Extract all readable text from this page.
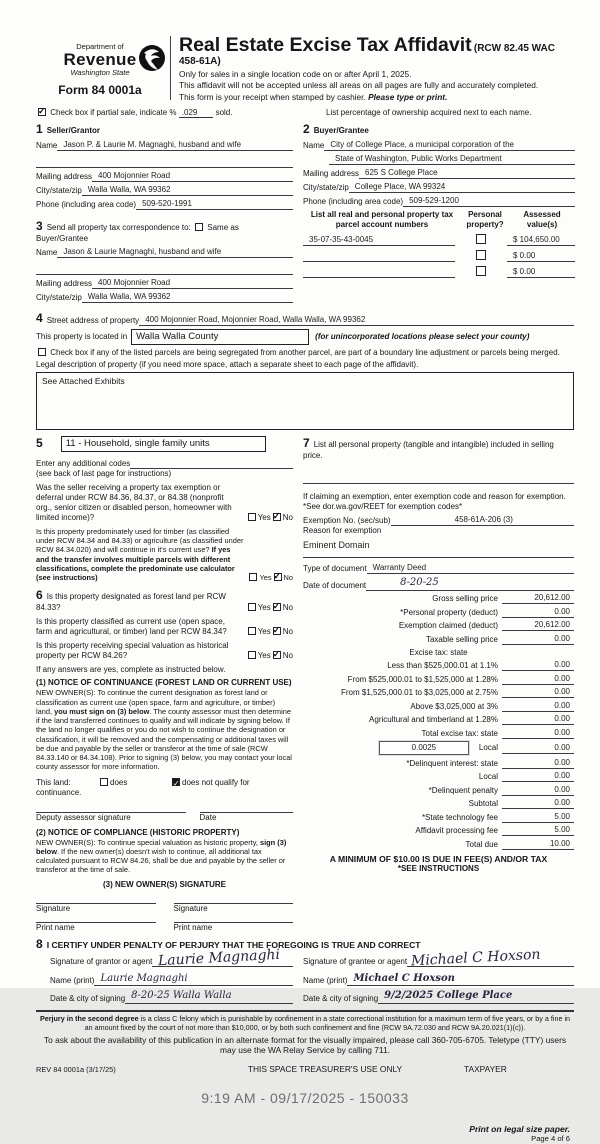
Department of
Revenue
Washington State
Form 84 0001a
Real Estate Excise Tax Affidavit (RCW 82.45 WAC 458-61A)
Only for sales in a single location code on or after April 1, 2025.
This affidavit will not be accepted unless all areas on all pages are fully and accurately completed.
This form is your receipt when stamped by cashier. Please type or print.
✓ Check box if partial sale, indicate % .029 sold.	List percentage of ownership acquired next to each name.
1 Seller/Grantor
Name Jason P. & Laurie M. Magnaghi, husband and wife
Mailing address 400 Mojonnier Road
City/state/zip Walla Walla, WA 99362
Phone (including area code) 509-520-1991
3 Send all property tax correspondence to: Same as Buyer/Grantee
Name Jason & Laurie Magnaghi, husband and wife
Mailing address 400 Mojonnier Road
City/state/zip Walla Walla, WA 99362
2 Buyer/Grantee
Name City of College Place, a municipal corporation of the
State of Washington, Public Works Department
Mailing address 625 S College Place
City/state/zip College Place, WA 99324
Phone (including area code) 509-529-1200
List all real and personal property tax
parcel account numbers
Personal
property?
Assessed
value(s)
35-07-35-43-0045	$ 104,650.00
$ 0.00
$ 0.00
4 Street address of property 400 Mojonnier Road, Mojonnier Road, Walla Walla, WA 99362
This property is located in Walla Walla County	(for unincorporated locations please select your county)
Check box if any of the listed parcels are being segregated from another parcel, are part of a boundary line adjustment or parcels being merged.
Legal description of property (if you need more space, attach a separate sheet to each page of the affidavit).
See Attached Exhibits
5	11 - Household, single family units
Enter any additional codes
(see back of last page for instructions)
Was the seller receiving a property tax exemption or deferral under RCW 84.36, 84.37, or 84.38 (nonprofit org., senior citizen or disabled person, homeowner with limited income)?	Yes ✓ No
Is this property predominately used for timber (as classified under RCW 84.34 and 84.33) or agriculture (as classified under RCW 84.34.020) and will continue in it's current use? If yes and the transfer involves multiple parcels with different classifications, complete the predominate use calculator (see instructions)	Yes ✓ No
6 Is this property designated as forest land per RCW 84.33?	Yes ✓ No
Is this property classified as current use (open space, farm and agricultural, or timber) land per RCW 84.34?	Yes ✓ No
Is this property receiving special valuation as historical property per RCW 84.26?	Yes ✓ No
If any answers are yes, complete as instructed below.
(1) NOTICE OF CONTINUANCE (FOREST LAND OR CURRENT USE)
NEW OWNER(S): To continue the current designation as forest land or classification as current use (open space, farm and agriculture, or timber) land, you must sign on (3) below. The county assessor must then determine if the land transferred continues to qualify and will indicate by signing below. If the land no longer qualifies or you do not wish to continue the designation or classification, it will be removed and the compensating or additional taxes will be due and payable by the seller or transferor at the time of sale (RCW 84.33.140 or 84.34.108). Prior to signing (3) below, you may contact your local county assessor for more information.
This land:	does ✓	does not qualify for
continuance.
Deputy assessor signature	Date
(2) NOTICE OF COMPLIANCE (HISTORIC PROPERTY)
NEW OWNER(S): To continue special valuation as historic property, sign (3) below. If the new owner(s) doesn't wish to continue, all additional tax calculated pursuant to RCW 84.26, shall be due and payable by the seller or transferor at the time of sale.
(3) NEW OWNER(S) SIGNATURE
Signature	Signature
Print name	Print name
7 List all personal property (tangible and intangible) included in selling price.
If claiming an exemption, enter exemption code and reason for exemption. *See dor.wa.gov/REET for exemption codes*
Exemption No. (sec/sub)	458-61A-206 (3)
Reason for exemption
Eminent Domain
Type of document Warranty Deed
Date of document	8-20-25
Gross selling price	20,612.00
*Personal property (deduct)	0.00
Exemption claimed (deduct)	20,612.00
Taxable selling price	0.00
Excise tax: state
Less than $525,000.01 at 1.1%	0.00
From $525,000.01 to $1,525,000 at 1.28%	0.00
From $1,525,000.01 to $3,025,000 at 2.75%	0.00
Above $3,025,000 at 3%	0.00
Agricultural and timberland at 1.28%	0.00
Total excise tax: state	0.00
0.0025	Local	0.00
*Delinquent interest: state	0.00
Local	0.00
*Delinquent penalty	0.00
Subtotal	0.00
*State technology fee	5.00
Affidavit processing fee	5.00
Total due	10.00
A MINIMUM OF $10.00 IS DUE IN FEE(S) AND/OR TAX
*SEE INSTRUCTIONS
8 I CERTIFY UNDER PENALTY OF PERJURY THAT THE FOREGOING IS TRUE AND CORRECT
Signature of grantor or agent Laurie Magnaghi
Name (print) Laurie Magnaghi
Date & city of signing 8-20-25 Walla Walla
Signature of grantee or agent Michael C Hoxson
Name (print) Michael C Hoxson
Date & city of signing 9/2/2025 College Place
Perjury in the second degree is a class C felony which is punishable by confinement in a state correctional institution for a maximum term of five years, or by a fine in an amount fixed by the court of not more than $10,000, or by both such confinement and fine (RCW 9A.72.030 and RCW 9A.20.021(1)(c)).
To ask about the availability of this publication in an alternate format for the visually impaired, please call 360-705-6705. Teletype (TTY) users may use the WA Relay Service by calling 711.
REV 84 0001a (3/17/25)	THIS SPACE TREASURER'S USE ONLY	TAXPAYER
9:19 AM - 09/17/2025 - 150033
Print on legal size paper.
Page 4 of 6
